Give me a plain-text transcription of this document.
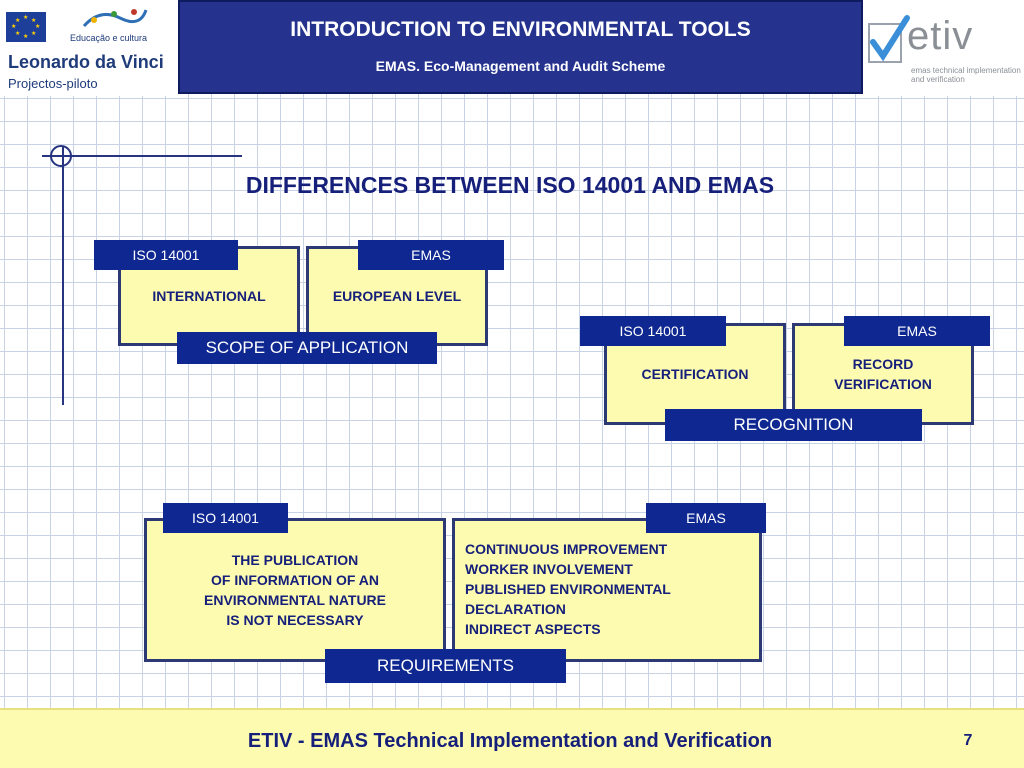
★ ★
★
★
★
★
★
★
Educação e cultura
Leonardo da Vinci
Projectos-piloto
INTRODUCTION TO ENVIRONMENTAL TOOLS
EMAS. Eco-Management and Audit Scheme
etiv
emas technical implementation and verification
DIFFERENCES BETWEEN ISO 14001 AND EMAS
INTERNATIONAL	EUROPEAN LEVEL
ISO 14001	EMAS
SCOPE OF APPLICATION
CERTIFICATION
RECORD
VERIFICATION
ISO 14001	EMAS
RECOGNITION
THE PUBLICATION
OF INFORMATION OF AN
ENVIRONMENTAL NATURE
IS NOT NECESSARY
CONTINUOUS IMPROVEMENT
WORKER INVOLVEMENT
PUBLISHED ENVIRONMENTAL
DECLARATION
INDIRECT ASPECTS
ISO 14001	EMAS
REQUIREMENTS
ETIV - EMAS Technical Implementation and Verification	7
